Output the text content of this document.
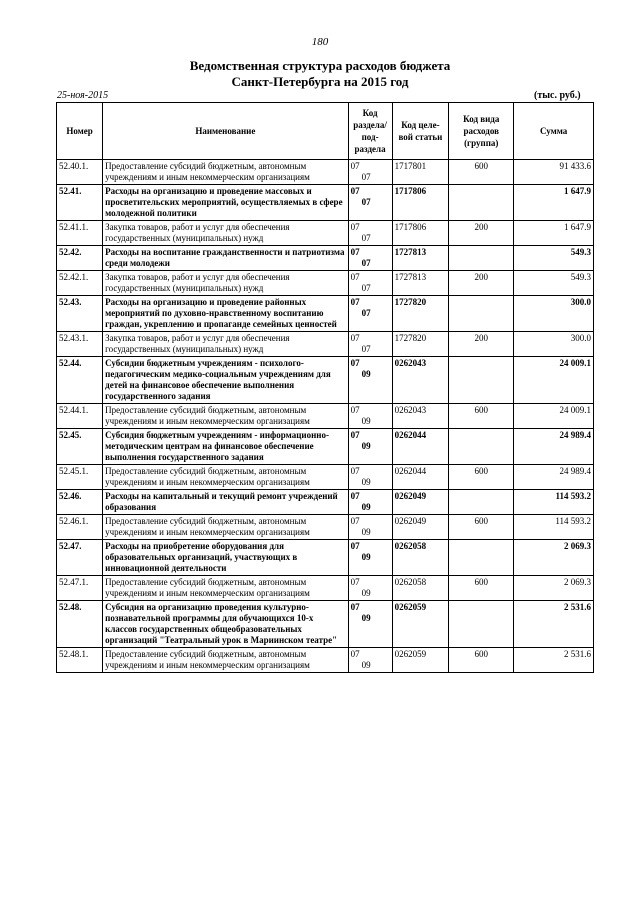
180
Ведомственная структура расходов бюджета
Санкт-Петербурга на 2015 год
25-ноя-2015	(тыс. руб.)
Номер	Наименование	Код раздела/ под- раздела	Код целе- вой статьи	Код вида расходов (группа)	Сумма
52.40.1.	Предоставление субсидий бюджетным, автономным учреждениям и иным некоммерческим организациям	0707	1717801	600	91 433.6
52.41.	Расходы на организацию и проведение массовых и просветительских мероприятий, осуществляемых в сфере молодежной политики	0707	1717806		1 647.9
52.41.1.	Закупка товаров, работ и услуг для обеспечения государственных (муниципальных) нужд	0707	1717806	200	1 647.9
52.42.	Расходы на воспитание гражданственности и патриотизма среди молодежи	0707	1727813		549.3
52.42.1.	Закупка товаров, работ и услуг для обеспечения государственных (муниципальных) нужд	0707	1727813	200	549.3
52.43.	Расходы на организацию и проведение районных мероприятий по духовно-нравственному воспитанию граждан, укреплению и пропаганде семейных ценностей	0707	1727820		300.0
52.43.1.	Закупка товаров, работ и услуг для обеспечения государственных (муниципальных) нужд	0707	1727820	200	300.0
52.44.	Субсидии бюджетным учреждениям - психолого-педагогическим медико-социальным учреждениям для детей на финансовое обеспечение выполнения государственного задания	0709	0262043		24 009.1
52.44.1.	Предоставление субсидий бюджетным, автономным учреждениям и иным некоммерческим организациям	0709	0262043	600	24 009.1
52.45.	Субсидия бюджетным учреждениям - информационно-методическим центрам на финансовое обеспечение выполнения государственного задания	0709	0262044		24 989.4
52.45.1.	Предоставление субсидий бюджетным, автономным учреждениям и иным некоммерческим организациям	0709	0262044	600	24 989.4
52.46.	Расходы на капитальный и текущий ремонт учреждений образования	0709	0262049		114 593.2
52.46.1.	Предоставление субсидий бюджетным, автономным учреждениям и иным некоммерческим организациям	0709	0262049	600	114 593.2
52.47.	Расходы на приобретение оборудования для образовательных организаций, участвующих в инновационной деятельности	0709	0262058		2 069.3
52.47.1.	Предоставление субсидий бюджетным, автономным учреждениям и иным некоммерческим организациям	0709	0262058	600	2 069.3
52.48.	Субсидия на организацию проведения культурно-познавательной программы для обучающихся 10-х классов государственных общеобразовательных организаций "Театральный урок в Мариинском театре"	0709	0262059		2 531.6
52.48.1.	Предоставление субсидий бюджетным, автономным учреждениям и иным некоммерческим организациям	0709	0262059	600	2 531.6
